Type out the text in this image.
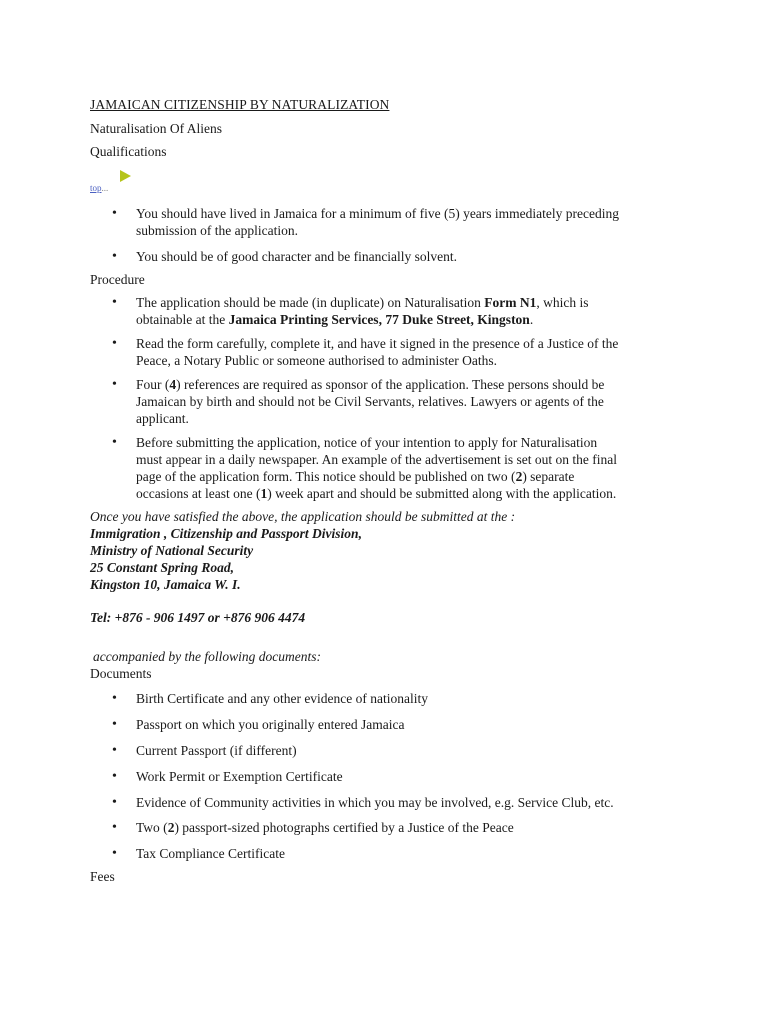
JAMAICAN CITIZENSHIP BY NATURALIZATION
Naturalisation Of Aliens
Qualifications
top...
• You should have lived in Jamaica for a minimum of five (5) years immediately preceding
submission of the application.
• You should be of good character and be financially solvent.
Procedure
• The application should be made (in duplicate) on Naturalisation Form N1, which is
obtainable at the Jamaica Printing Services, 77 Duke Street, Kingston.
• Read the form carefully, complete it, and have it signed in the presence of a Justice of the
Peace, a Notary Public or someone authorised to administer Oaths.
• Four (4) references are required as sponsor of the application. These persons should be
Jamaican by birth and should not be Civil Servants, relatives. Lawyers or agents of the
applicant.
• Before submitting the application, notice of your intention to apply for Naturalisation
must appear in a daily newspaper. An example of the advertisement is set out on the final
page of the application form. This notice should be published on two (2) separate
occasions at least one (1) week apart and should be submitted along with the application.
Once you have satisfied the above, the application should be submitted at the :
Immigration , Citizenship and Passport Division,
Ministry of National Security
25 Constant Spring Road,
Kingston 10, Jamaica W. I.
Tel: +876 - 906 1497 or +876 906 4474
accompanied by the following documents:
Documents
• Birth Certificate and any other evidence of nationality
• Passport on which you originally entered Jamaica
• Current Passport (if different)
• Work Permit or Exemption Certificate
• Evidence of Community activities in which you may be involved, e.g. Service Club, etc.
• Two (2) passport-sized photographs certified by a Justice of the Peace
• Tax Compliance Certificate
Fees
